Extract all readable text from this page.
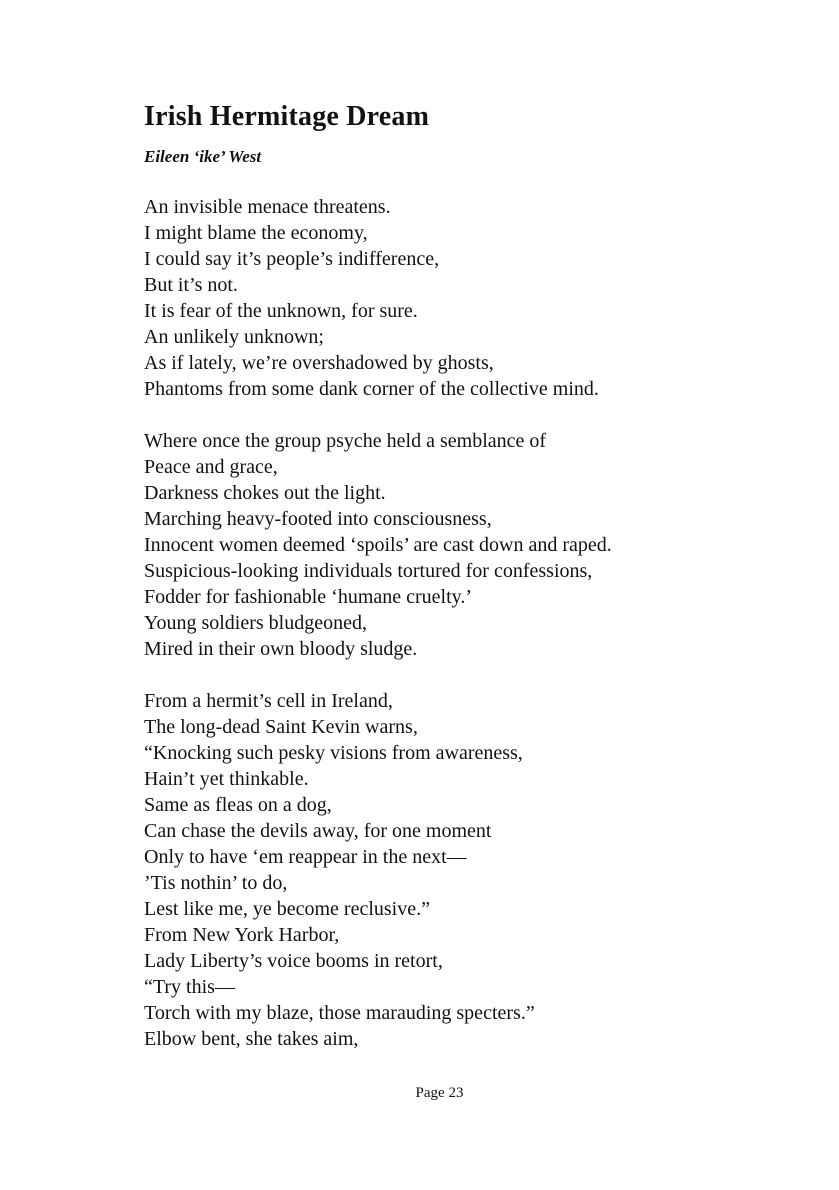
Irish Hermitage Dream
Eileen ‘ike’ West
An invisible menace threatens.
I might blame the economy,
I could say it’s people’s indifference,
But it’s not.
It is fear of the unknown, for sure.
An unlikely unknown;
As if lately, we’re overshadowed by ghosts,
Phantoms from some dank corner of the collective mind.
Where once the group psyche held a semblance of
Peace and grace,
Darkness chokes out the light.
Marching heavy-footed into consciousness,
Innocent women deemed ‘spoils’ are cast down and raped.
Suspicious-looking individuals tortured for confessions,
Fodder for fashionable ‘humane cruelty.’
Young soldiers bludgeoned,
Mired in their own bloody sludge.
From a hermit’s cell in Ireland,
The long-dead Saint Kevin warns,
“Knocking such pesky visions from awareness,
Hain’t yet thinkable.
Same as fleas on a dog,
Can chase the devils away, for one moment
Only to have ‘em reappear in the next—
’Tis nothin’ to do,
Lest like me, ye become reclusive.”
From New York Harbor,
Lady Liberty’s voice booms in retort,
“Try this—
Torch with my blaze, those marauding specters.”
Elbow bent, she takes aim,
Page 23
